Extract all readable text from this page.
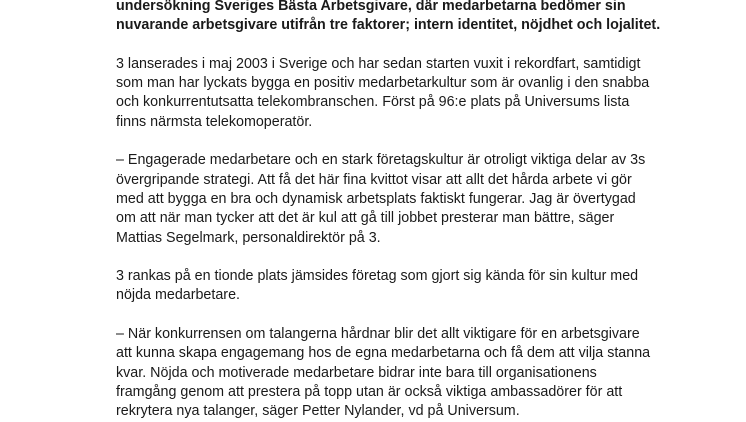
undersökning Sveriges Bästa Arbetsgivare, där medarbetarna bedömer sin
nuvarande arbetsgivare utifrån tre faktorer; intern identitet, nöjdhet och lojalitet.

3 lanserades i maj 2003 i Sverige och har sedan starten vuxit i rekordfart, samtidigt
som man har lyckats bygga en positiv medarbetarkultur som är ovanlig i den snabba
och konkurrentutsatta telekombranschen. Först på 96:e plats på Universums lista
finns närmsta telekomoperatör.

– Engagerade medarbetare och en stark företagskultur är otroligt viktiga delar av 3s
övergripande strategi. Att få det här fina kvittot visar att allt det hårda arbete vi gör
med att bygga en bra och dynamisk arbetsplats faktiskt fungerar. Jag är övertygad
om att när man tycker att det är kul att gå till jobbet presterar man bättre, säger
Mattias Segelmark, personaldirektör på 3.

3 rankas på en tionde plats jämsides företag som gjort sig kända för sin kultur med
nöjda medarbetare.

– När konkurrensen om talangerna hårdnar blir det allt viktigare för en arbetsgivare
att kunna skapa engagemang hos de egna medarbetarna och få dem att vilja stanna
kvar. Nöjda och motiverade medarbetare bidrar inte bara till organisationens
framgång genom att prestera på topp utan är också viktiga ambassadörer för att
rekrytera nya talanger, säger Petter Nylander, vd på Universum.
